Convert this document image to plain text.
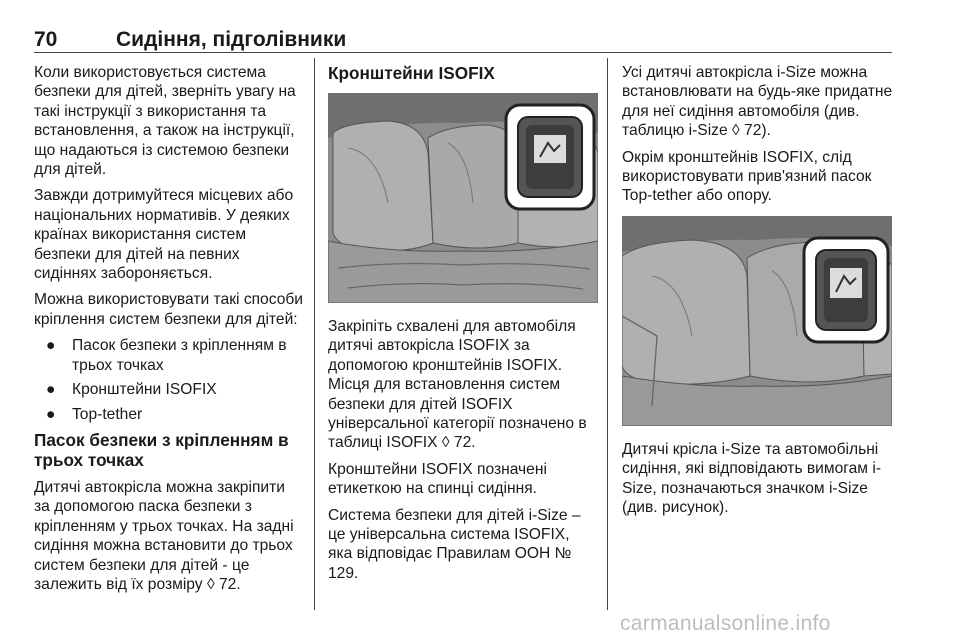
70	Сидіння, підголівники

Коли використовується система безпеки для дітей, зверніть увагу на такі інструкції з використання та встановлення, а також на інструкції, що надаються із системою безпеки для дітей.

Завжди дотримуйтеся місцевих або національних нормативів. У деяких країнах використання систем безпеки для дітей на певних сидіннях забороняється.

Можна використовувати такі способи кріплення систем безпеки для дітей:

● Пасок безпеки з кріпленням в трьох точках
● Кронштейни ISOFIX
● Top-tether

Пасок безпеки з кріпленням в трьох точках

Дитячі автокрісла можна закріпити за допомогою паска безпеки з кріпленням у трьох точках. На задні сидіння можна встановити до трьох систем безпеки для дітей - це залежить від їх розміру ◊ 72.

Кронштейни ISOFIX

Закріпіть схвалені для автомобіля дитячі автокрісла ISOFIX за допомогою кронштейнів ISOFIX. Місця для встановлення систем безпеки для дітей ISOFIX універсальної категорії позначено в таблиці ISOFIX ◊ 72.

Кронштейни ISOFIX позначені етикеткою на спинці сидіння.

Система безпеки для дітей i-Size – це універсальна система ISOFIX, яка відповідає Правилам ООН № 129.

Усі дитячі автокрісла i-Size можна встановлювати на будь-яке придатне для неї сидіння автомобіля (див. таблицю i-Size ◊ 72).

Окрім кронштейнів ISOFIX, слід використовувати прив'язний пасок Top-tether або опору.

Дитячі крісла i-Size та автомобільні сидіння, які відповідають вимогам i-Size, позначаються значком i-Size (див. рисунок).

carmanualsonline.info
